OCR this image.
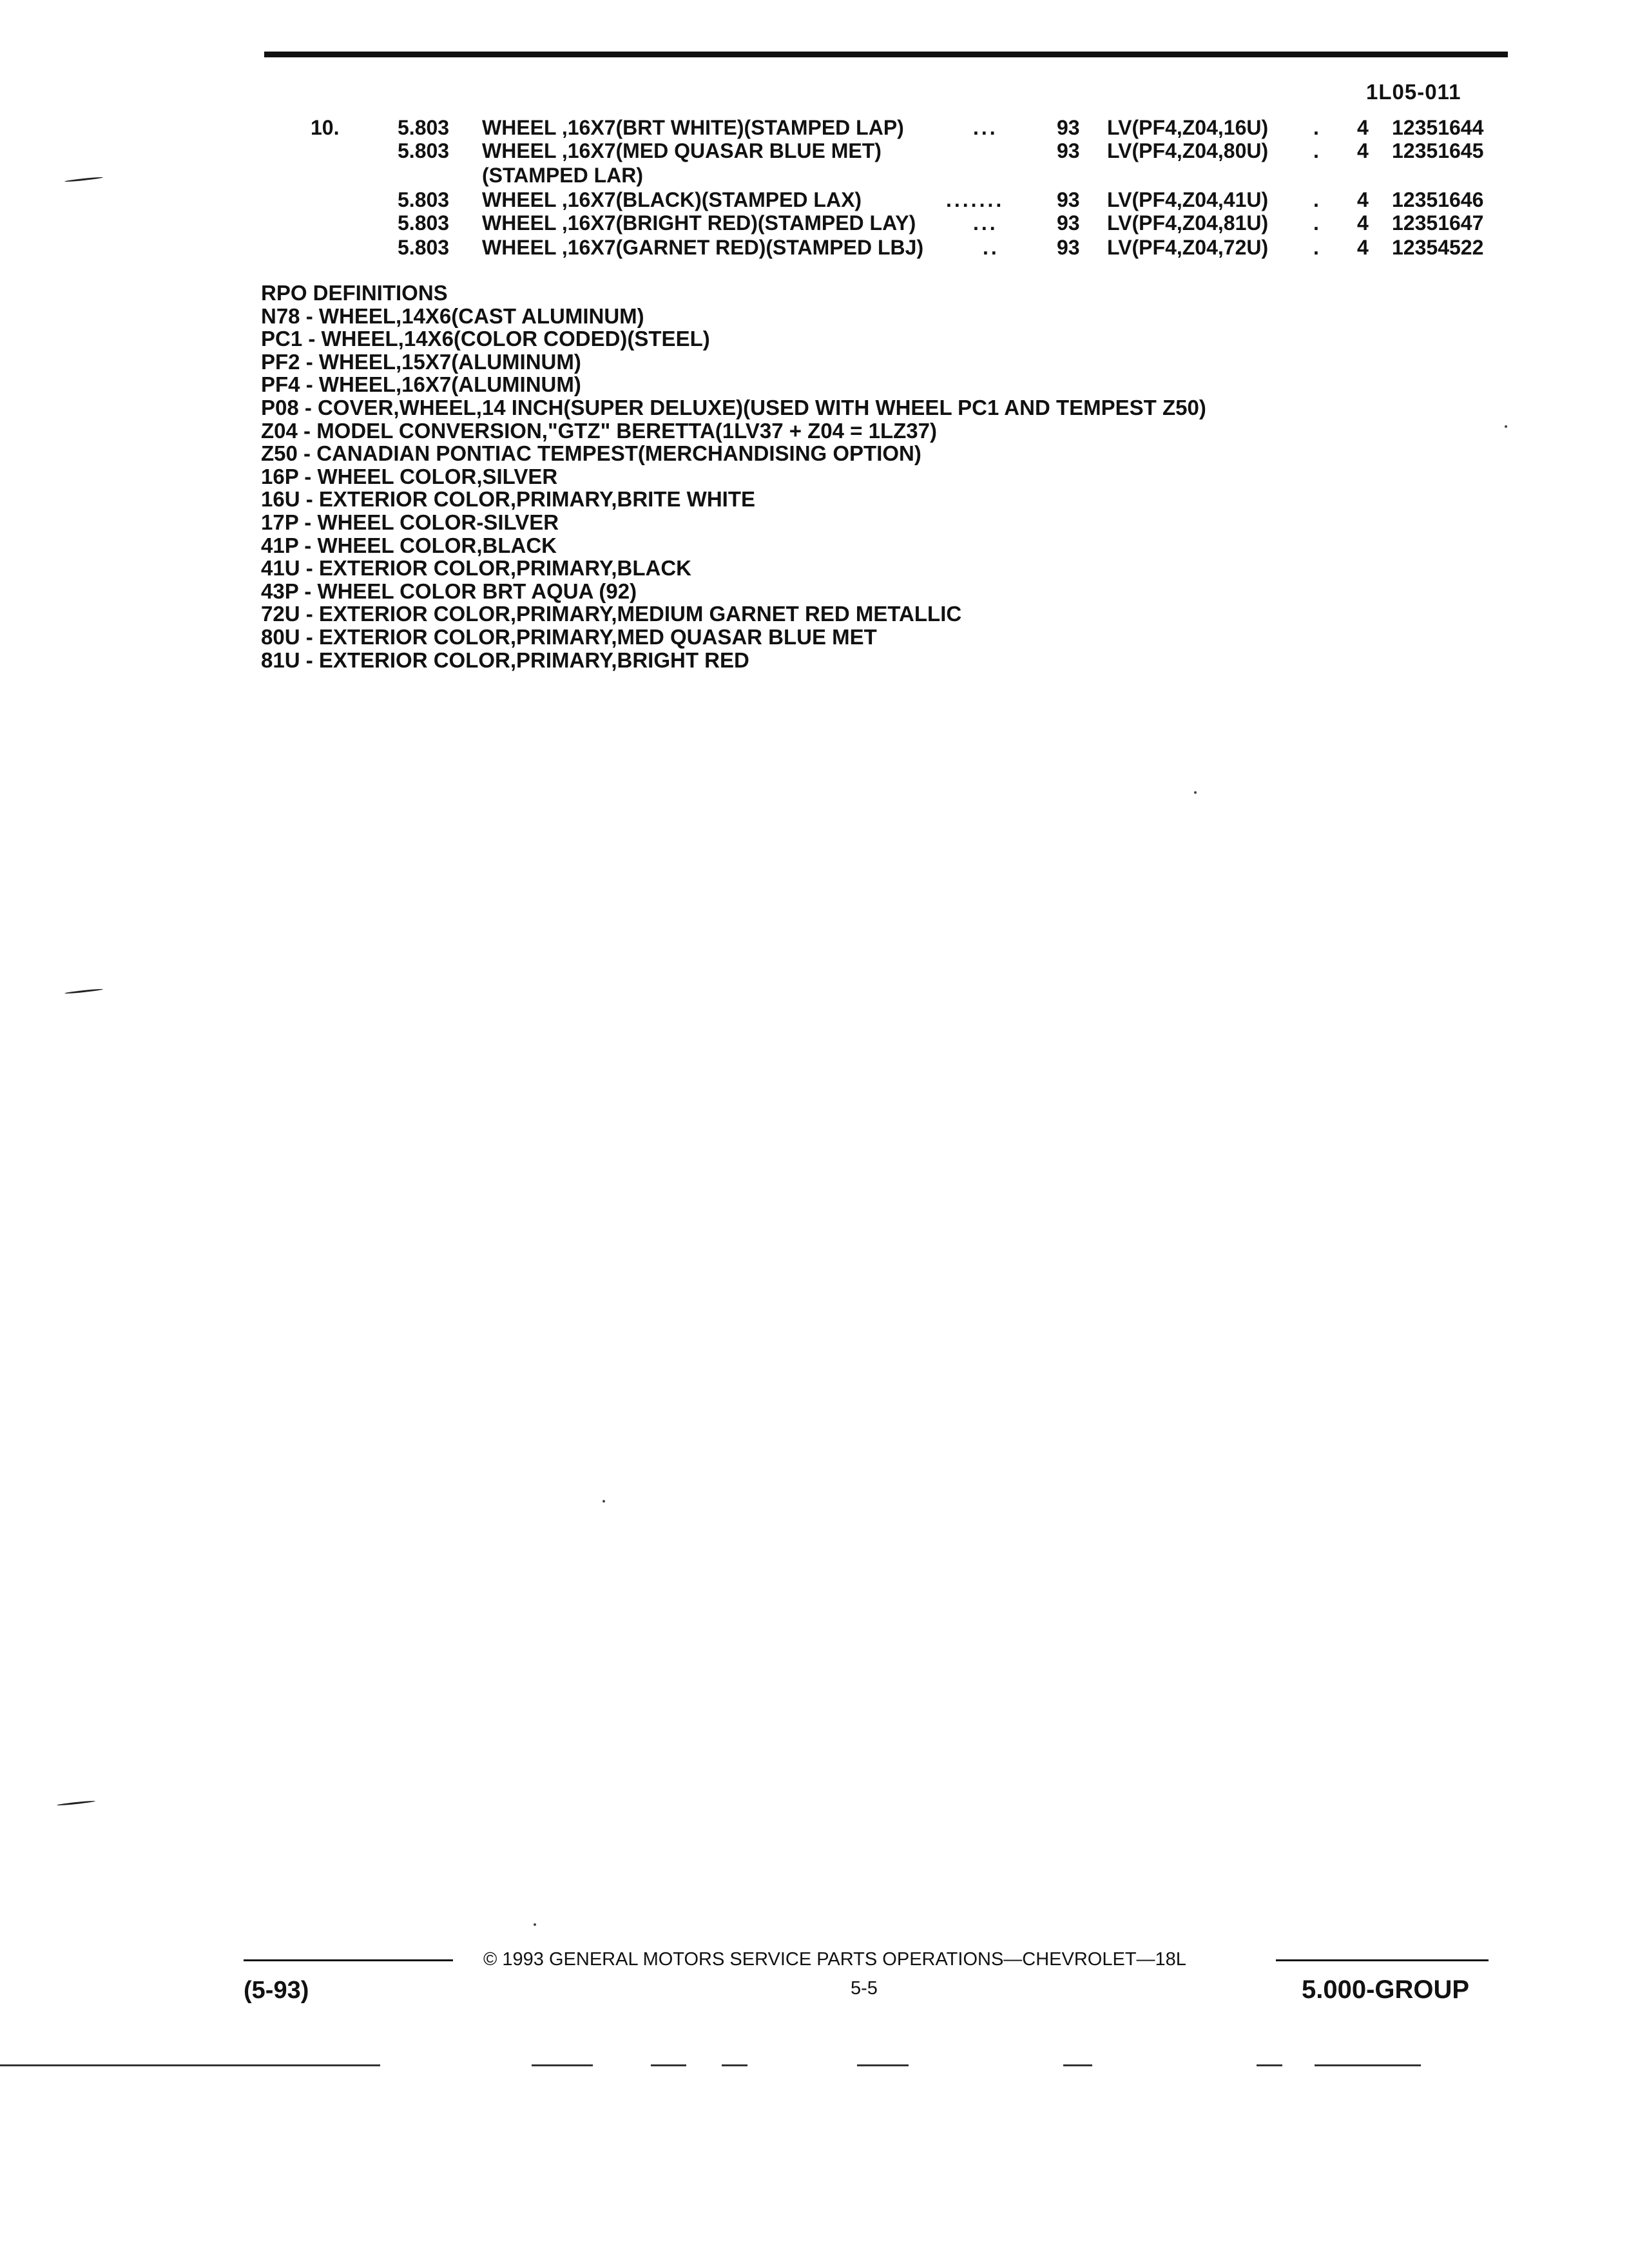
1L05-011
10.	5.803 WHEEL ,16X7(BRT WHITE)(STAMPED LAP)	...	93 LV(PF4,Z04,16U) . 4 12351644
5.803 WHEEL ,16X7(MED QUASAR BLUE MET)	93 LV(PF4,Z04,80U) . 4 12351645
(STAMPED LAR)
5.803 WHEEL ,16X7(BLACK)(STAMPED LAX)	.......	93 LV(PF4,Z04,41U) . 4 12351646
5.803 WHEEL ,16X7(BRIGHT RED)(STAMPED LAY)	...	93 LV(PF4,Z04,81U) . 4 12351647
5.803 WHEEL ,16X7(GARNET RED)(STAMPED LBJ)	..	93 LV(PF4,Z04,72U) . 4 12354522
RPO DEFINITIONS
N78 - WHEEL,14X6(CAST ALUMINUM)
PC1 - WHEEL,14X6(COLOR CODED)(STEEL)
PF2 - WHEEL,15X7(ALUMINUM)
PF4 - WHEEL,16X7(ALUMINUM)
P08 - COVER,WHEEL,14 INCH(SUPER DELUXE)(USED WITH WHEEL PC1 AND TEMPEST Z50)
Z04 - MODEL CONVERSION,"GTZ" BERETTA(1LV37 + Z04 = 1LZ37)
Z50 - CANADIAN PONTIAC TEMPEST(MERCHANDISING OPTION)
16P - WHEEL COLOR,SILVER
16U - EXTERIOR COLOR,PRIMARY,BRITE WHITE
17P - WHEEL COLOR-SILVER
41P - WHEEL COLOR,BLACK
41U - EXTERIOR COLOR,PRIMARY,BLACK
43P - WHEEL COLOR BRT AQUA (92)
72U - EXTERIOR COLOR,PRIMARY,MEDIUM GARNET RED METALLIC
80U - EXTERIOR COLOR,PRIMARY,MED QUASAR BLUE MET
81U - EXTERIOR COLOR,PRIMARY,BRIGHT RED
© 1993 GENERAL MOTORS SERVICE PARTS OPERATIONS—CHEVROLET—18L
(5-93)	5-5	5.000-GROUP
